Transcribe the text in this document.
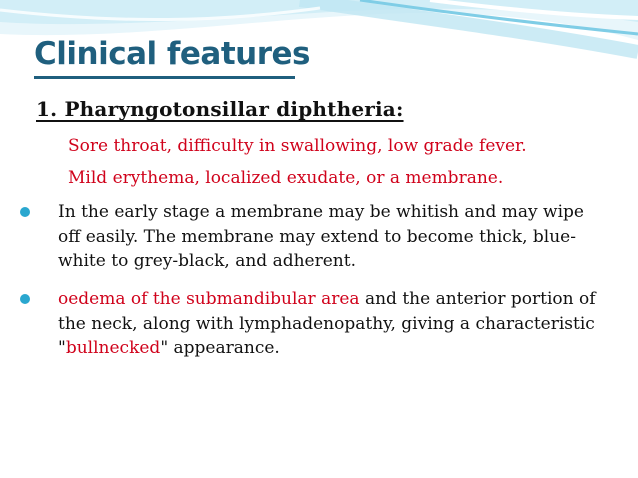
Clinical features
1. Pharyngotonsillar diphtheria:

Sore throat, difficulty in swallowing, low grade fever.

Mild erythema, localized exudate, or a membrane.

In the early stage a membrane may be whitish and may wipe off easily. The membrane may extend to become thick, blue-white to grey-black, and adherent.
oedema of the submandibular area and the anterior portion of the neck, along with lymphadenopathy, giving a characteristic "bullnecked" appearance.
